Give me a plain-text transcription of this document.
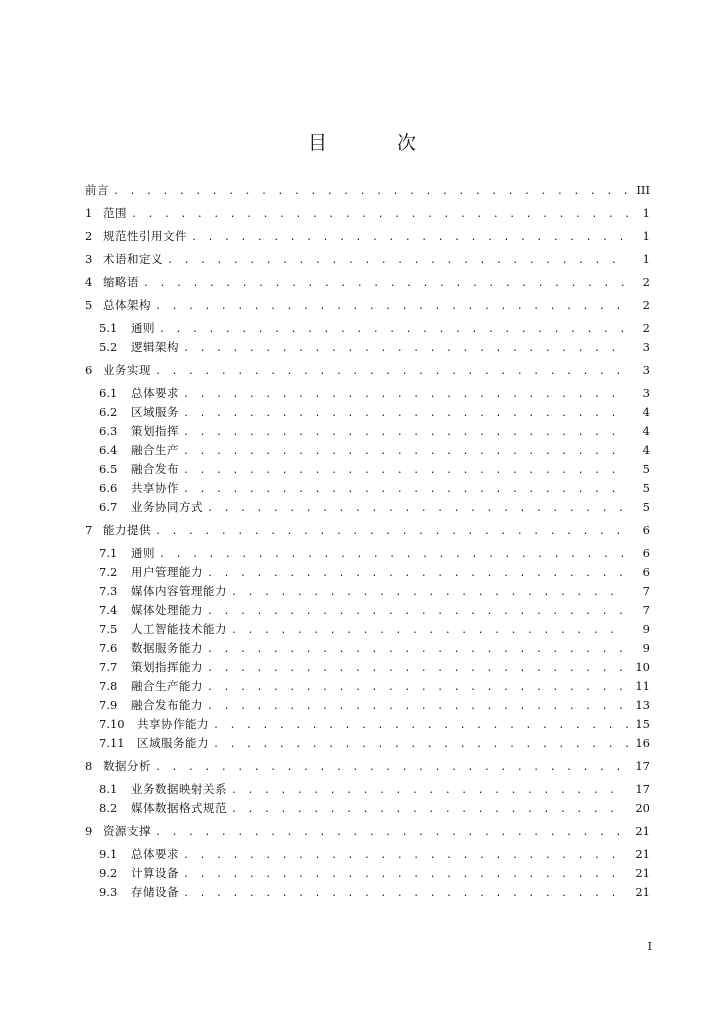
目 次
前言 . . .	III
1 范围 . . .	1
2 规范性引用文件 . . .	1
3 术语和定义 . . .	1
4 缩略语 . . .	2
5 总体架构 . . .	2
5.1	通则 . . .	2
5.2	逻辑架构 . . .	3
6 业务实现 . . .	3
6.1	总体要求 . . .	3
6.2	区域服务 . . .	4
6.3	策划指挥 . . .	4
6.4	融合生产 . . .	4
6.5	融合发布 . . .	5
6.6	共享协作 . . .	5
6.7	业务协同方式 . . .	5
7 能力提供 . . .	6
7.1	通则 . . .	6
7.2	用户管理能力 . . .	6
7.3	媒体内容管理能力 . . .	7
7.4	媒体处理能力 . . .	7
7.5	人工智能技术能力 . . .	9
7.6	数据服务能力 . . .	9
7.7	策划指挥能力 . . .	10
7.8	融合生产能力 . . .	11
7.9	融合发布能力 . . .	13
7.10	共享协作能力 . . .	15
7.11	区域服务能力 . . .	16
8 数据分析 . . .	17
8.1	业务数据映射关系 . . .	17
8.2	媒体数据格式规范 . . .	20
9 资源支撑 . . .	21
9.1	总体要求 . . .	21
9.2	计算设备 . . .	21
9.3	存储设备 . . .	21
I
